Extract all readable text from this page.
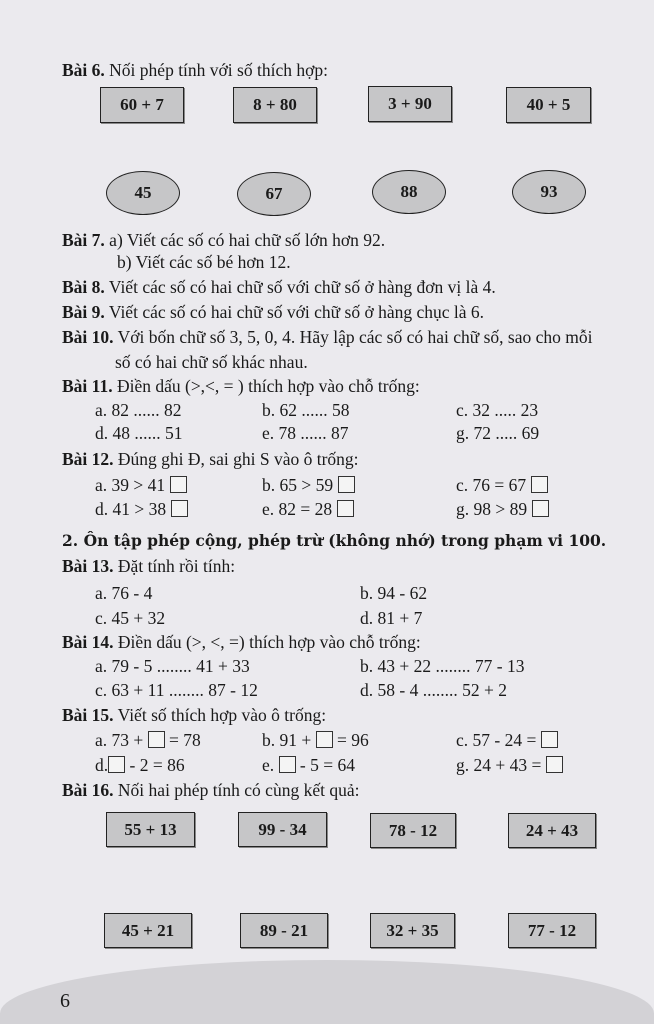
Bài 6. Nối phép tính với số thích hợp:
60 + 7	8 + 80	3 + 90	40 + 5
45	67	88	93
Bài 7. a) Viết các số có hai chữ số lớn hơn 92.
b) Viết các số bé hơn 12.
Bài 8. Viết các số có hai chữ số với chữ số ở hàng đơn vị là 4.
Bài 9. Viết các số có hai chữ số với chữ số ở hàng chục là 6.
Bài 10. Với bốn chữ số 3, 5, 0, 4. Hãy lập các số có hai chữ số, sao cho mỗi
số có hai chữ số khác nhau.
Bài 11. Điền dấu (>,<, = ) thích hợp vào chỗ trống:
a. 82 ...... 82	b. 62 ...... 58	c. 32 ..... 23
d. 48 ...... 51	e. 78 ...... 87	g. 72 ..... 69
Bài 12. Đúng ghi Đ, sai ghi S vào ô trống:
a. 39 > 41	b. 65 > 59	c. 76 = 67
d. 41 > 38	e. 82 = 28	g. 98 > 89
2. Ôn tập phép cộng, phép trừ (không nhớ) trong phạm vi 100.
Bài 13. Đặt tính rồi tính:
a. 76 - 4	b. 94 - 62
c. 45 + 32	d. 81 + 7
Bài 14. Điền dấu (>, <, =) thích hợp vào chỗ trống:
a. 79 - 5 ........ 41 + 33	b. 43 + 22 ........ 77 - 13
c. 63 + 11 ........ 87 - 12	d. 58 - 4 ........ 52 + 2
Bài 15. Viết số thích hợp vào ô trống:
a. 73 +  = 78	b. 91 +  = 96	c. 57 - 24 =
d. - 2 = 86	e.  - 5 = 64	g. 24 + 43 =
Bài 16. Nối hai phép tính có cùng kết quả:
55 + 13	99 - 34	78 - 12	24 + 43
45 + 21	89 - 21	32 + 35	77 - 12
6
